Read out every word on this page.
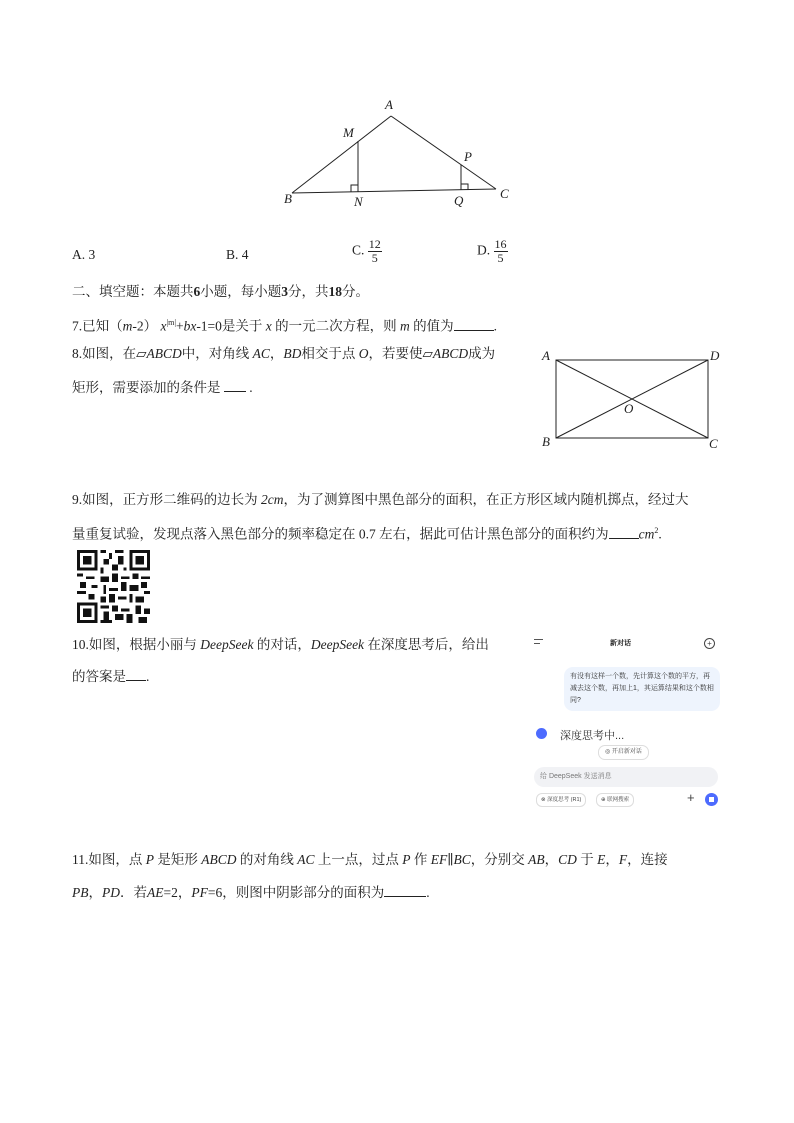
A
M
P
B	N	Q	C
A. 3	B. 4	C. $\frac{12}{5}$	D. $\frac{16}{5}$
二、填空题：本题共6小题，每小题3分，共18分。
7.已知（m-2） $x^{|m|}+bx-1=0$是关于 x 的一元二次方程，则 m 的值为	.
8.如图，在▱ABCD中，对角线 AC，BD相交于点 O，若要使▱ABCD成为
矩形，需要添加的条件是  .
A	D
O
B	C
9.如图，正方形二维码的边长为 2cm，为了测算图中黑色部分的面积，在正方形区域内随机掷点，经过大
量重复试验，发现点落入黑色部分的频率稳定在 0.7 左右，据此可估计黑色部分的面积约为 $cm^2$.
10.如图，根据小丽与 DeepSeek 的对话，DeepSeek 在深度思考后，给出
的答案是 .
新对话	+
有没有这样一个数，先计算这个数的平方，再减去这个数，再加上1，其运算结果和这个数相同?
深度思考中...
◎ 开启新对话
给 DeepSeek 发送消息
⊗ 深度思考 (R1)	⊕ 联网搜索	+
11.如图，点 P 是矩形 ABCD 的对角线 AC 上一点，过点 P 作 EF∥BC，分别交 AB，CD 于 E，F，连接
PB，PD．若AE=2，PF=6，则图中阴影部分的面积为	.
